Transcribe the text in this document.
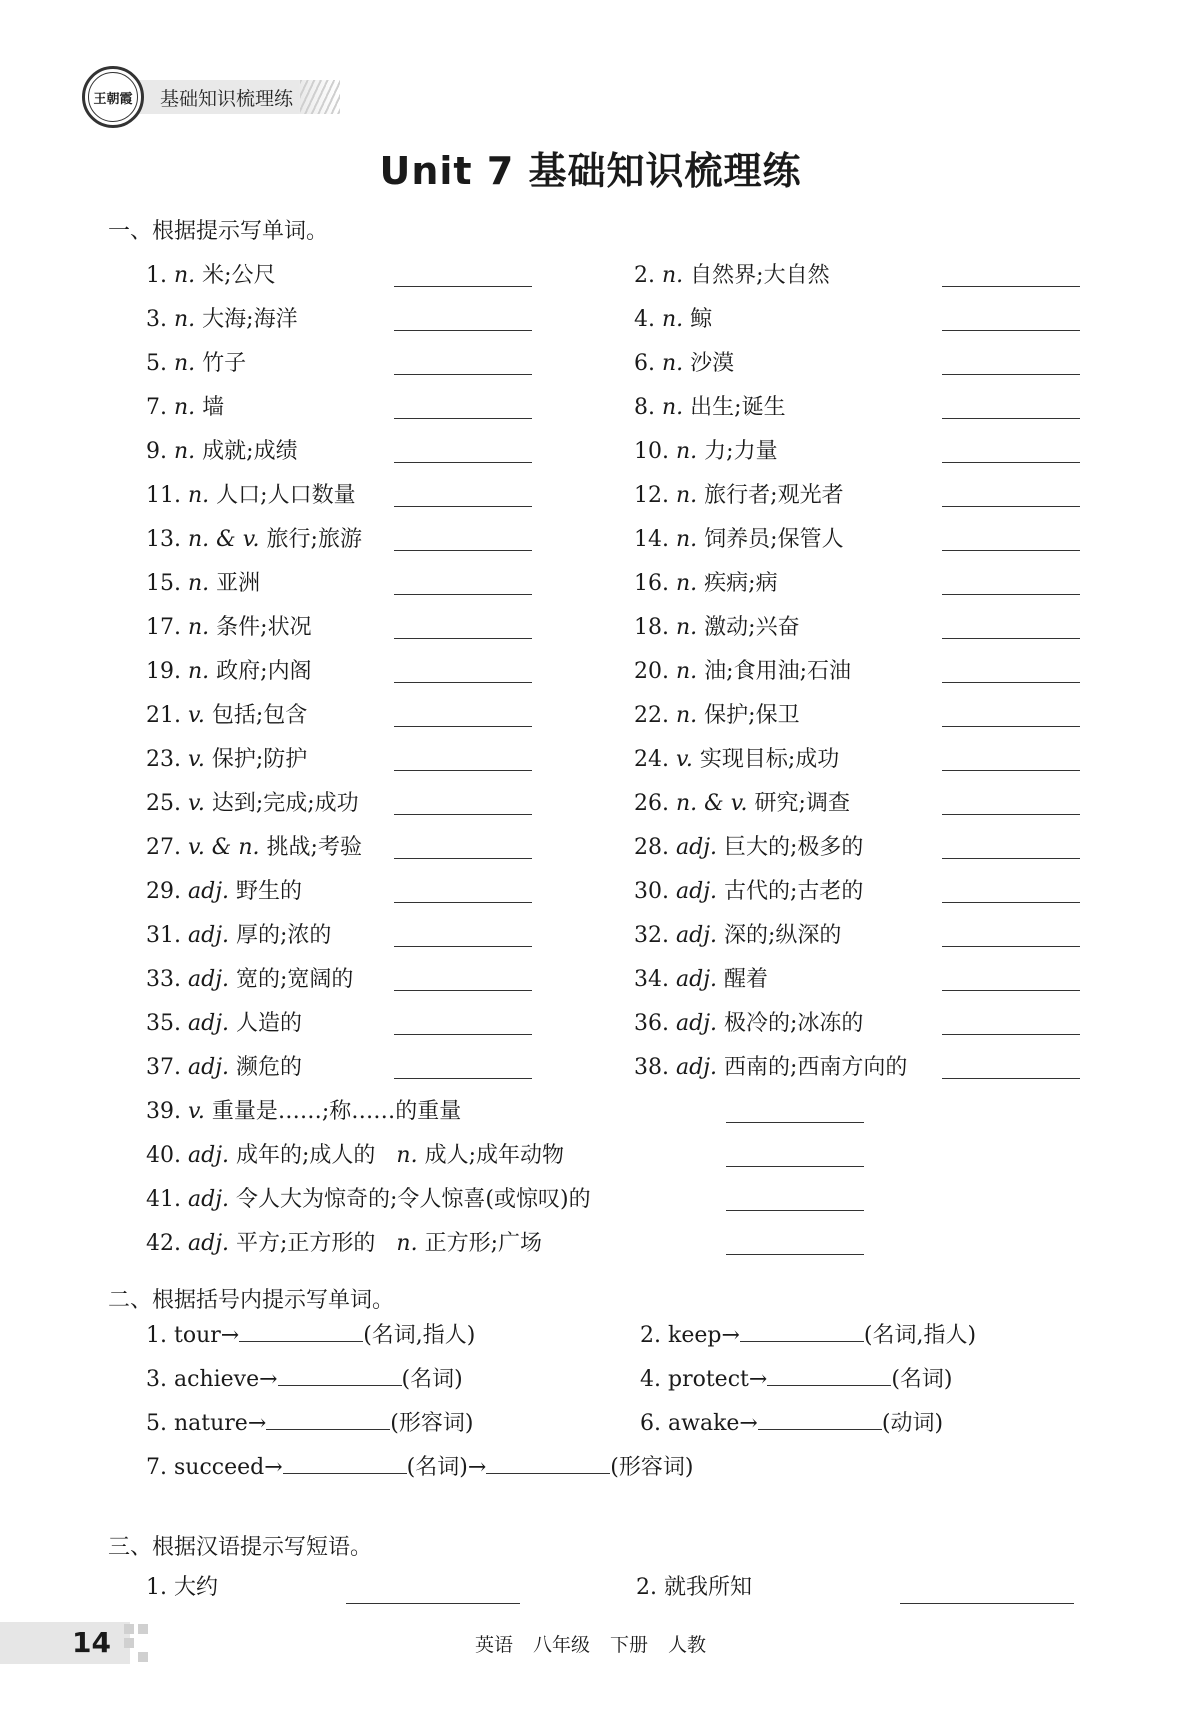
基础知识梳理练
王朝霞
Unit 7 基础知识梳理练
一、根据提示写单词。
1. n. 米;公尺	2. n. 自然界;大自然
3. n. 大海;海洋	4. n. 鲸
5. n. 竹子	6. n. 沙漠
7. n. 墙	8. n. 出生;诞生
9. n. 成就;成绩	10. n. 力;力量
11. n. 人口;人口数量	12. n. 旅行者;观光者
13. n. & v. 旅行;旅游	14. n. 饲养员;保管人
15. n. 亚洲	16. n. 疾病;病
17. n. 条件;状况	18. n. 激动;兴奋
19. n. 政府;内阁	20. n. 油;食用油;石油
21. v. 包括;包含	22. n. 保护;保卫
23. v. 保护;防护	24. v. 实现目标;成功
25. v. 达到;完成;成功	26. n. & v. 研究;调查
27. v. & n. 挑战;考验	28. adj. 巨大的;极多的
29. adj. 野生的	30. adj. 古代的;古老的
31. adj. 厚的;浓的	32. adj. 深的;纵深的
33. adj. 宽的;宽阔的	34. adj. 醒着
35. adj. 人造的	36. adj. 极冷的;冰冻的
37. adj. 濒危的	38. adj. 西南的;西南方向的
39. v. 重量是……;称……的重量
40. adj. 成年的;成人的 n. 成人;成年动物
41. adj. 令人大为惊奇的;令人惊喜(或惊叹)的
42. adj. 平方;正方形的 n. 正方形;广场
二、根据括号内提示写单词。
1. tour→	(名词,指人)	2. keep→	(名词,指人)
3. achieve→	(名词)	4. protect→	(名词)
5. nature→	(形容词)	6. awake→	(动词)
7. succeed→	(名词)→	(形容词)
三、根据汉语提示写短语。
1. 大约	2. 就我所知
14	英语 八年级 下册 人教
